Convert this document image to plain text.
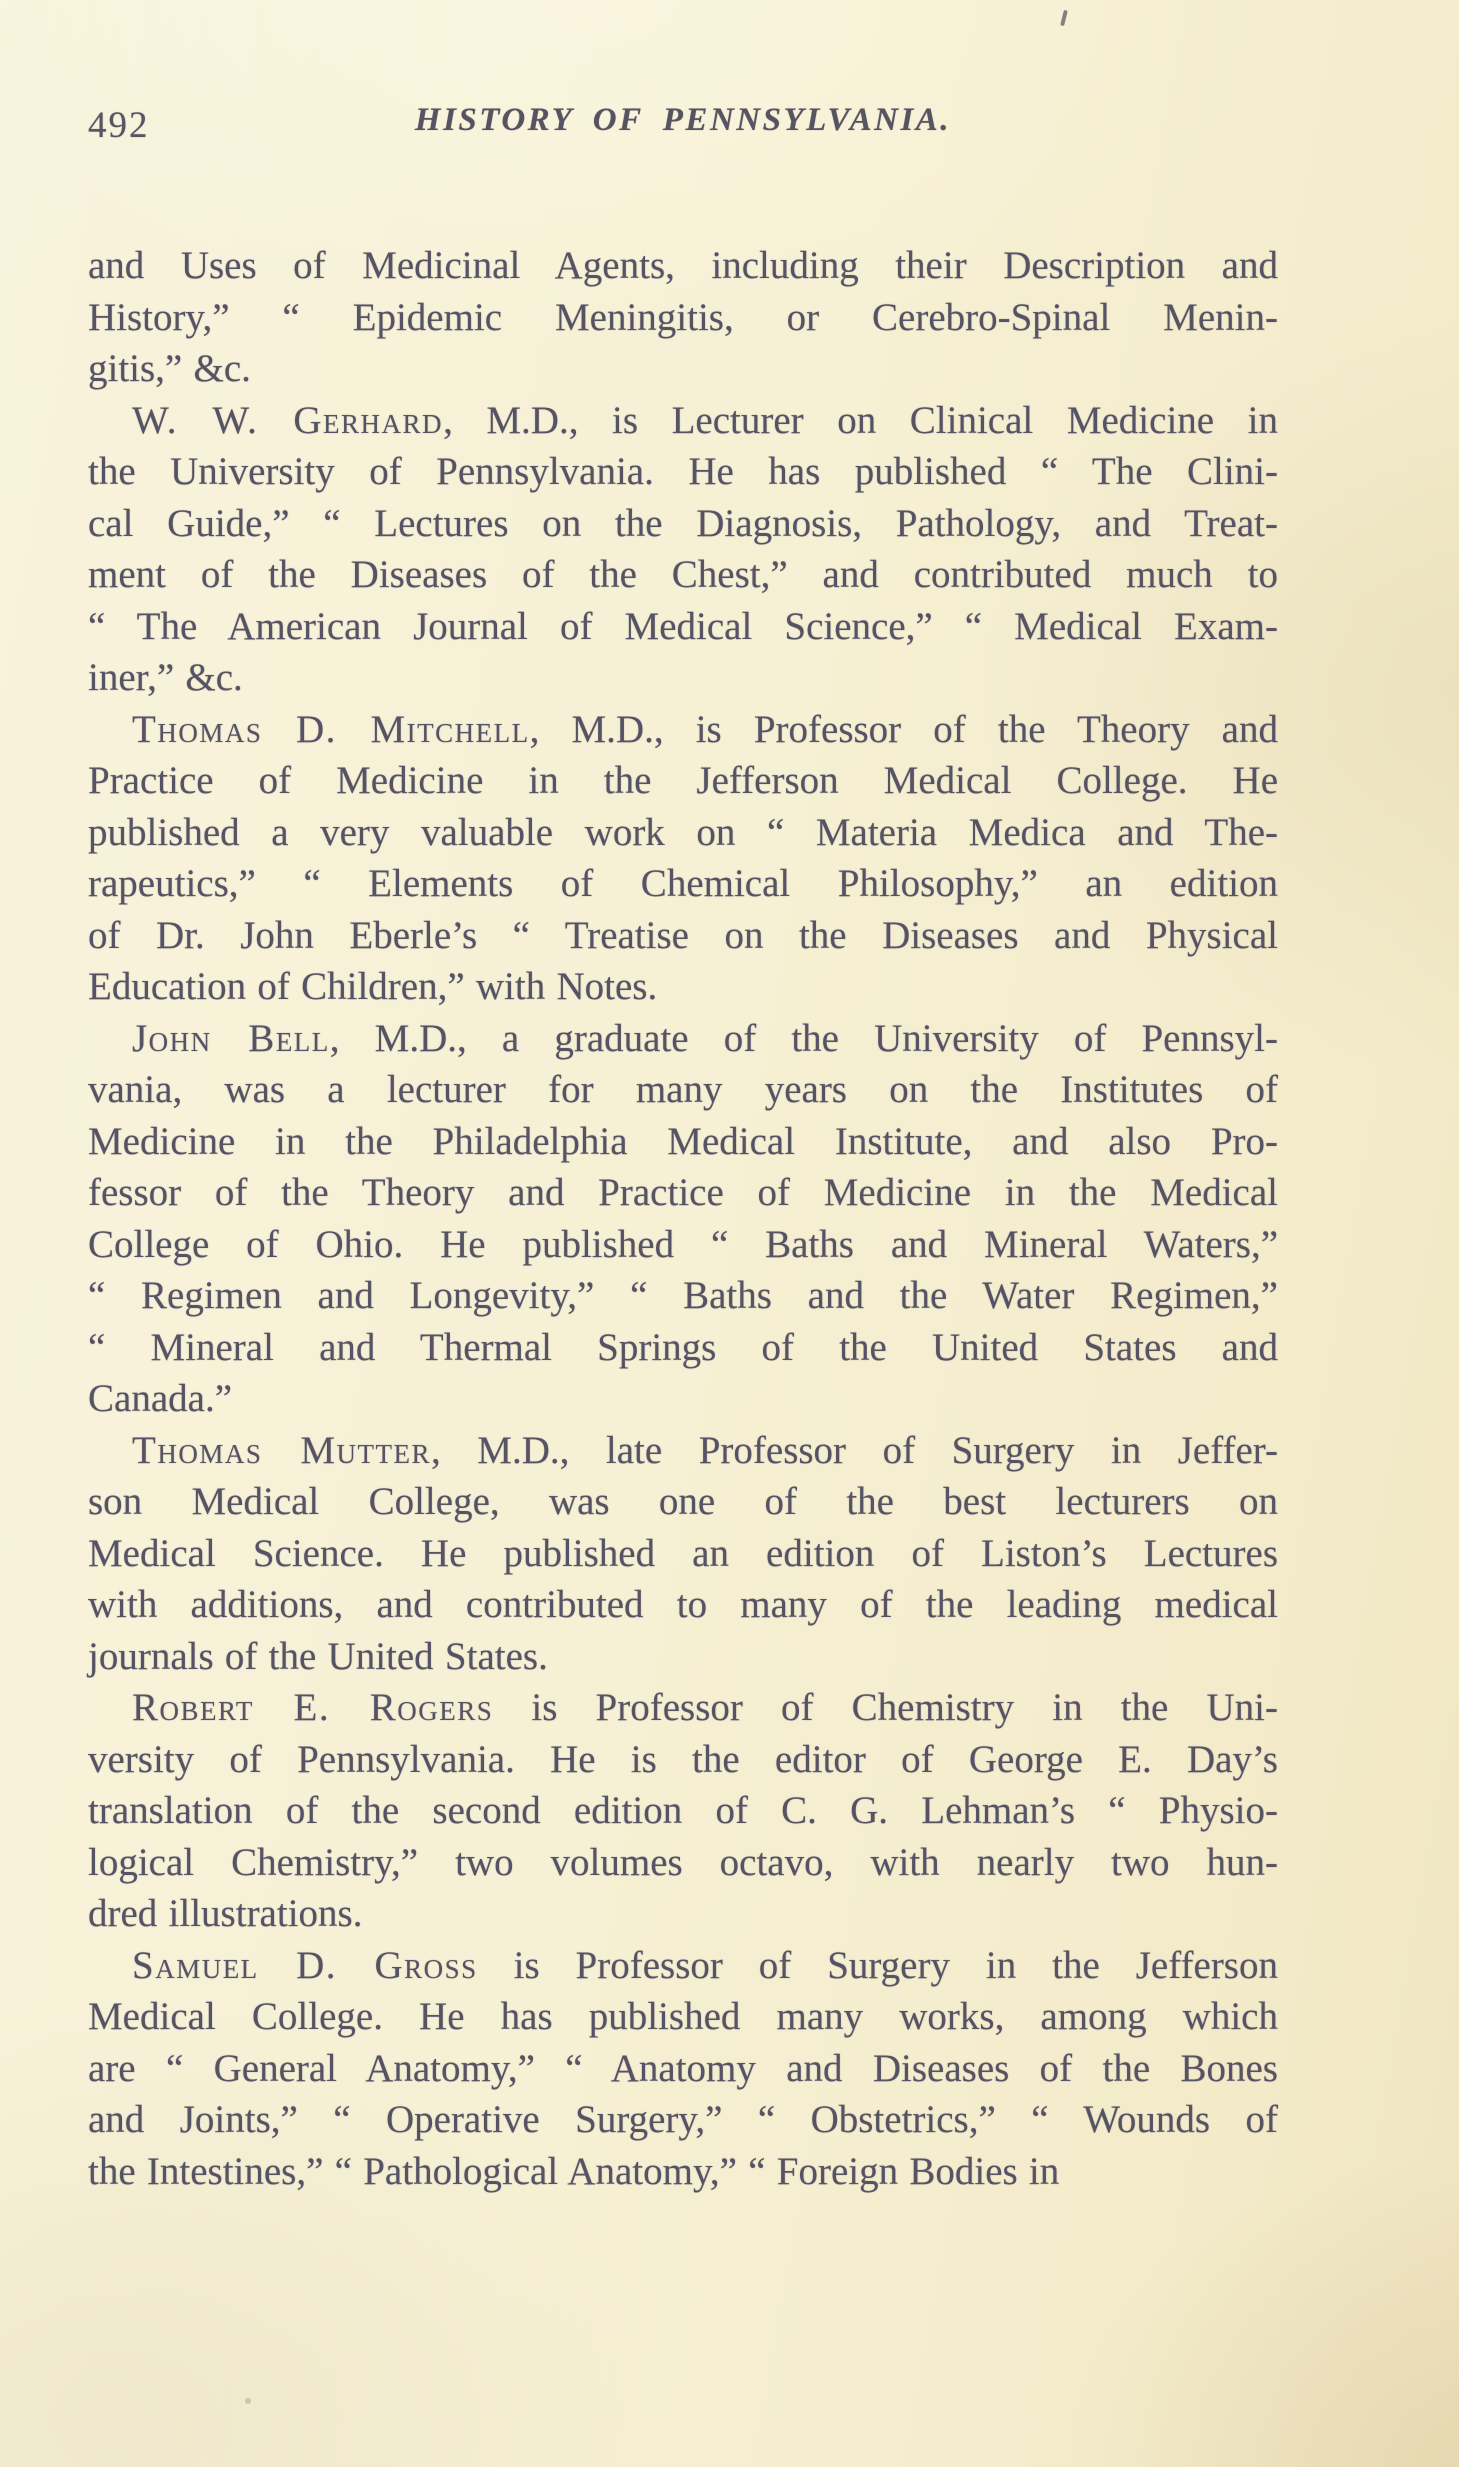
492	HISTORY OF PENNSYLVANIA.
and Uses of Medicinal Agents, including their Description and
History,” “ Epidemic Meningitis, or Cerebro-Spinal Menin-
gitis,” &c.
W. W. Gerhard, M.D., is Lecturer on Clinical Medicine in
the University of Pennsylvania. He has published “ The Clini-
cal Guide,” “ Lectures on the Diagnosis, Pathology, and Treat-
ment of the Diseases of the Chest,” and contributed much to
“ The American Journal of Medical Science,” “ Medical Exam-
iner,” &c.
Thomas D. Mitchell, M.D., is Professor of the Theory and
Practice of Medicine in the Jefferson Medical College. He
published a very valuable work on “ Materia Medica and The-
rapeutics,” “ Elements of Chemical Philosophy,” an edition
of Dr. John Eberle’s “ Treatise on the Diseases and Physical
Education of Children,” with Notes.
John Bell, M.D., a graduate of the University of Pennsyl-
vania, was a lecturer for many years on the Institutes of
Medicine in the Philadelphia Medical Institute, and also Pro-
fessor of the Theory and Practice of Medicine in the Medical
College of Ohio. He published “ Baths and Mineral Waters,”
“ Regimen and Longevity,” “ Baths and the Water Regimen,”
“ Mineral and Thermal Springs of the United States and
Canada.”
Thomas Mutter, M.D., late Professor of Surgery in Jeffer-
son Medical College, was one of the best lecturers on
Medical Science. He published an edition of Liston’s Lectures
with additions, and contributed to many of the leading medical
journals of the United States.
Robert E. Rogers is Professor of Chemistry in the Uni-
versity of Pennsylvania. He is the editor of George E. Day’s
translation of the second edition of C. G. Lehman’s “ Physio-
logical Chemistry,” two volumes octavo, with nearly two hun-
dred illustrations.
Samuel D. Gross is Professor of Surgery in the Jefferson
Medical College. He has published many works, among which
are “ General Anatomy,” “ Anatomy and Diseases of the Bones
and Joints,” “ Operative Surgery,” “ Obstetrics,” “ Wounds of
the Intestines,” “ Pathological Anatomy,” “ Foreign Bodies in
